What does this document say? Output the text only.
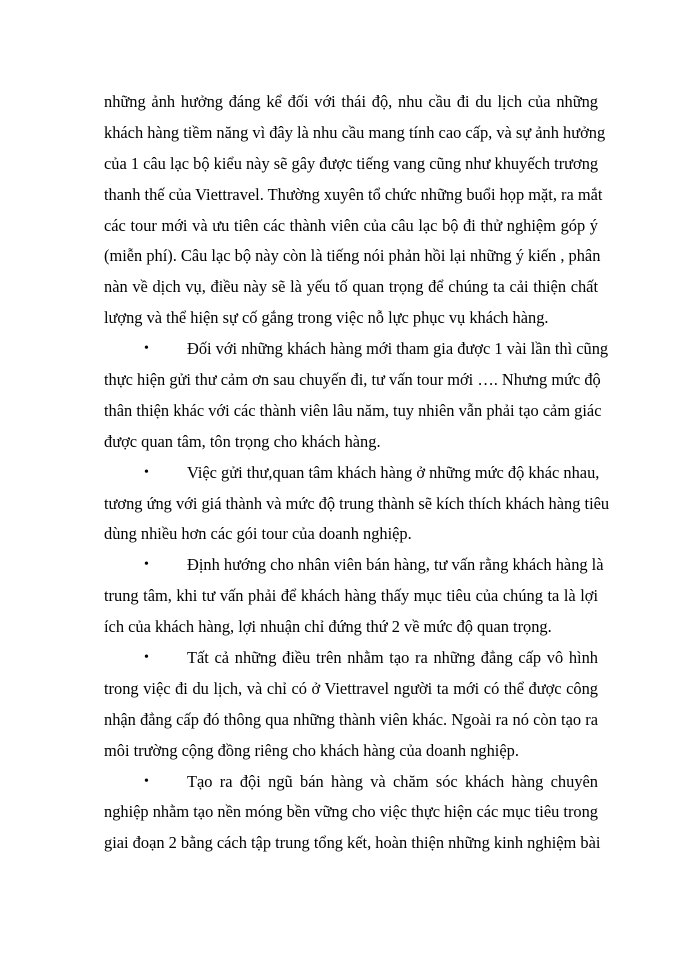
những ảnh hưởng đáng kể đối với thái độ, nhu cầu đi du lịch của những
khách hàng tiềm năng vì đây là nhu cầu mang tính cao cấp, và sự ảnh hưởng
của 1 câu lạc bộ kiểu này sẽ gây được tiếng vang cũng như khuyếch trương
thanh thế của Viettravel. Thường xuyên tổ chức những buổi họp mặt, ra mắt
các tour mới và ưu tiên các thành viên của câu lạc bộ đi thử nghiệm góp ý
(miễn phí). Câu lạc bộ này còn là tiếng nói phản hồi lại những ý kiến , phân
nàn về dịch vụ, điều này sẽ là yếu tố quan trọng để chúng ta cải thiện chất
lượng và thể hiện sự cố gắng trong việc nỗ lực phục vụ khách hàng.
• Đối với những khách hàng mới tham gia được 1 vài lần thì cũng
thực hiện gửi thư cảm ơn sau chuyến đi, tư vấn tour mới …. Nhưng mức độ
thân thiện khác với các thành viên lâu năm, tuy nhiên vẫn phải tạo cảm giác
được quan tâm, tôn trọng cho khách hàng.
• Việc gửi thư,quan tâm khách hàng ở những mức độ khác nhau,
tương ứng với giá thành và mức độ trung thành sẽ kích thích khách hàng tiêu
dùng nhiều hơn các gói tour của doanh nghiệp.
• Định hướng cho nhân viên bán hàng, tư vấn rằng khách hàng là
trung tâm, khi tư vấn phải để khách hàng thấy mục tiêu của chúng ta là lợi
ích của khách hàng, lợi nhuận chỉ đứng thứ 2 về mức độ quan trọng.
• Tất cả những điều trên nhằm tạo ra những đẳng cấp vô hình
trong việc đi du lịch, và chỉ có ở Viettravel người ta mới có thể được công
nhận đẳng cấp đó thông qua những thành viên khác. Ngoài ra nó còn tạo ra
môi trường cộng đồng riêng cho khách hàng của doanh nghiệp.
• Tạo ra đội ngũ bán hàng và chăm sóc khách hàng chuyên
nghiệp nhằm tạo nền móng bền vững cho việc thực hiện các mục tiêu trong
giai đoạn 2 bằng cách tập trung tổng kết, hoàn thiện những kinh nghiệm bài
